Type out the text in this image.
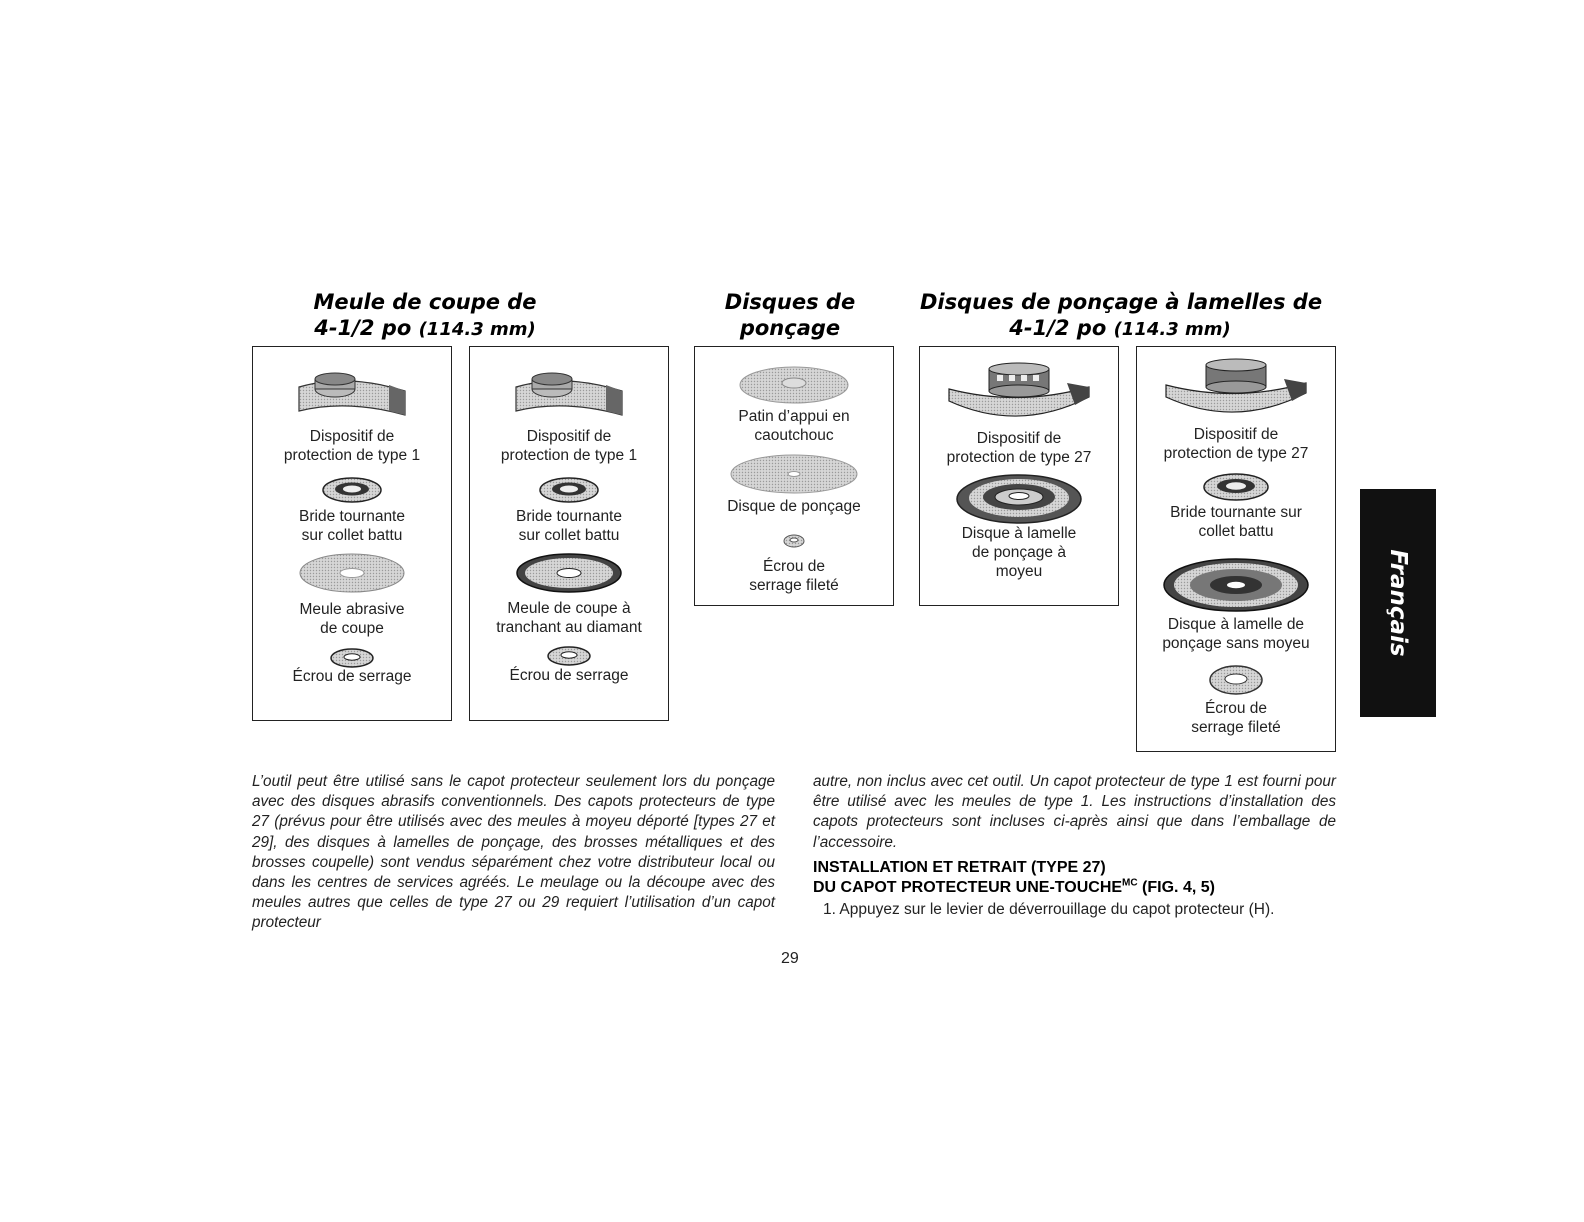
Meule de coupe de
4-1/2 po (114.3 mm)
Disques de
ponçage
Disques de ponçage à lamelles de
4-1/2 po (114.3 mm)
Dispositif de
protection de type 1
Bride tournante
sur collet battu
Meule abrasive
de coupe
Écrou de serrage
Dispositif de
protection de type 1
Bride tournante
sur collet battu
Meule de coupe à
tranchant au diamant
Écrou de serrage
Patin d’appui en
caoutchouc
Disque de ponçage
Écrou de
serrage fileté
Dispositif de
protection de type 27
Disque à lamelle
de ponçage à
moyeu
Dispositif de
protection de type 27
Bride tournante sur
collet battu
Disque à lamelle de
ponçage sans moyeu
Écrou de
serrage fileté

L’outil peut être utilisé sans le capot protecteur seulement lors du ponçage avec des disques abrasifs conventionnels. Des capots protecteurs de type 27 (prévus pour être utilisés avec des meules à moyeu déporté [types 27 et 29], des disques à lamelles de ponçage, des brosses métalliques et des brosses coupelle) sont vendus séparément chez votre distributeur local ou dans les centres de services agréés. Le meulage ou la découpe avec des meules autres que celles de type 27 ou 29 requiert l’utilisation d’un capot protecteur

autre, non inclus avec cet outil. Un capot protecteur de type 1 est fourni pour être utilisé avec les meules de type 1. Les instructions d’installation des capots protecteurs sont incluses ci-après ainsi que dans l’emballage de l’accessoire.

INSTALLATION ET RETRAIT (TYPE 27)
DU CAPOT PROTECTEUR UNE-$TOUCHE^{MC}$ (FIG. 4, 5)
1. Appuyez sur le levier de déverrouillage du capot protecteur (H).
29
Français
